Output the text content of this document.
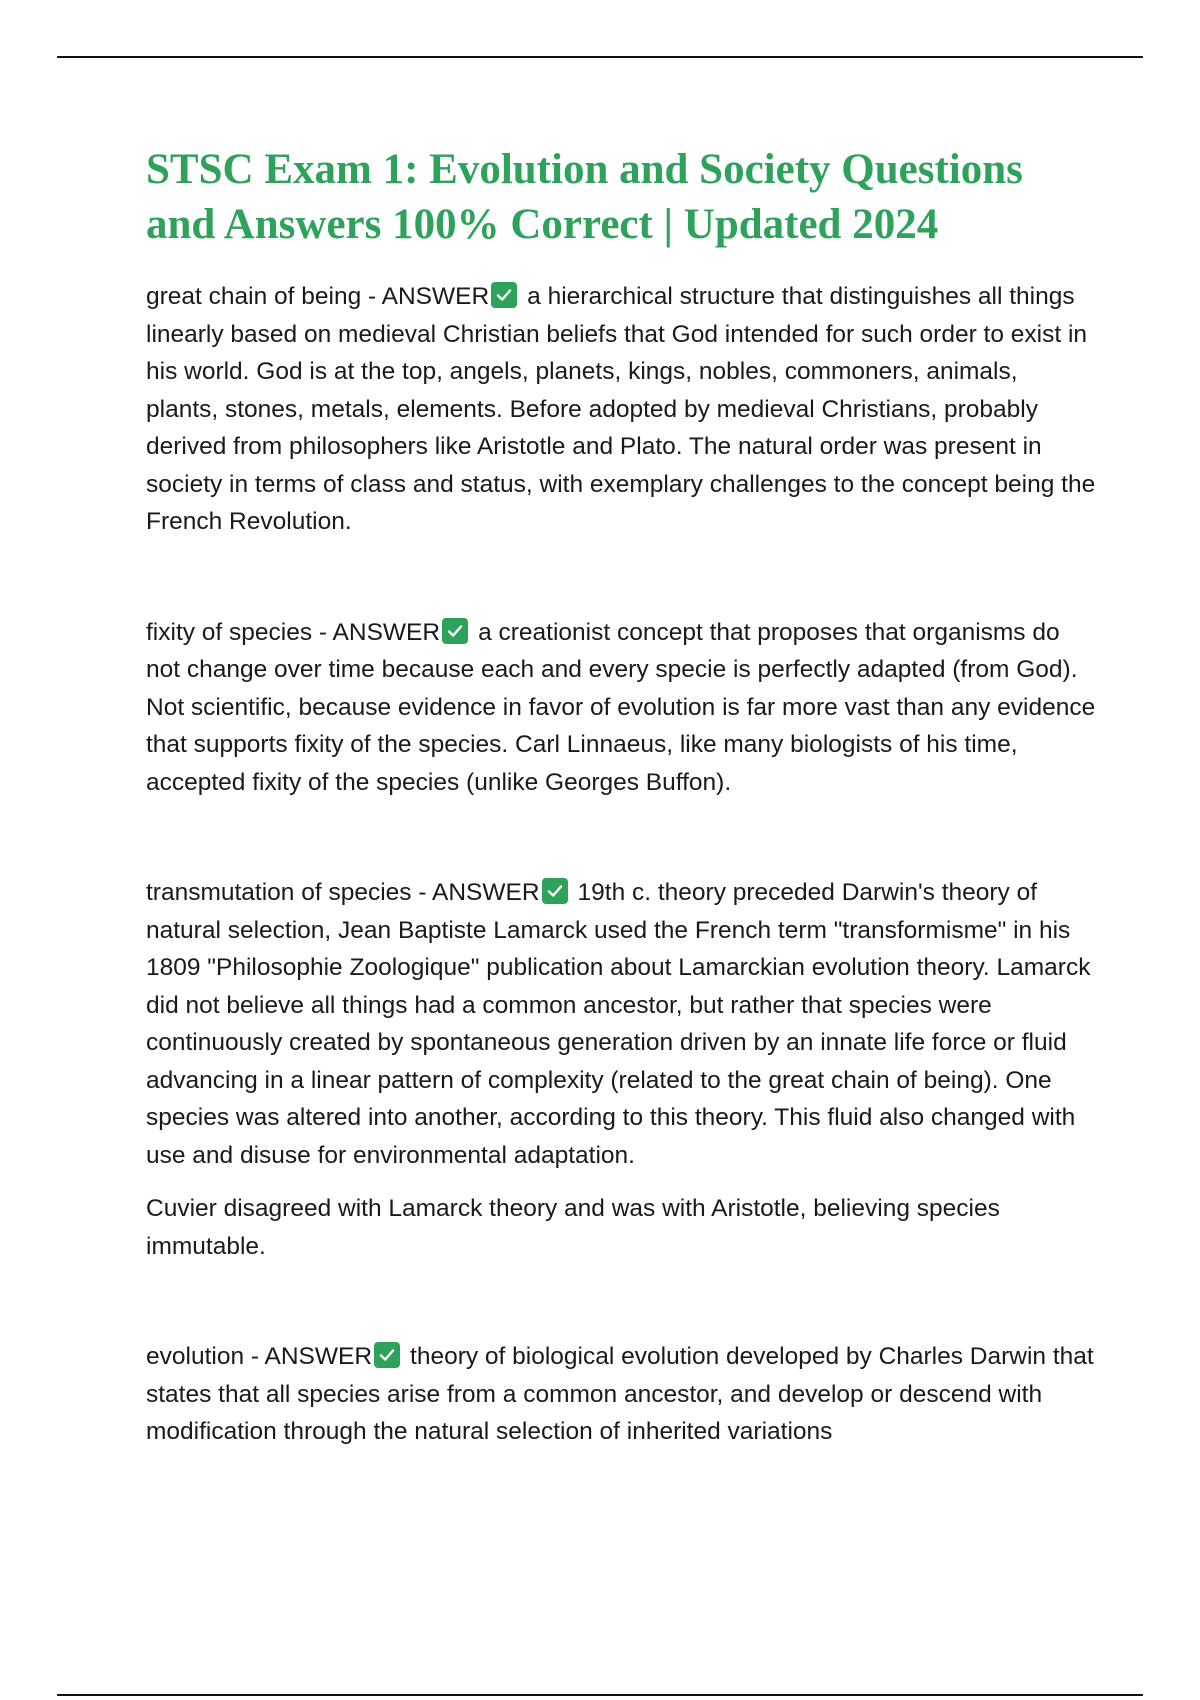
STSC Exam 1: Evolution and Society Questions and Answers 100% Correct | Updated 2024

great chain of being - ANSWER a hierarchical structure that distinguishes all things linearly based on medieval Christian beliefs that God intended for such order to exist in his world. God is at the top, angels, planets, kings, nobles, commoners, animals, plants, stones, metals, elements. Before adopted by medieval Christians, probably derived from philosophers like Aristotle and Plato. The natural order was present in society in terms of class and status, with exemplary challenges to the concept being the French Revolution.

fixity of species - ANSWER a creationist concept that proposes that organisms do not change over time because each and every specie is perfectly adapted (from God). Not scientific, because evidence in favor of evolution is far more vast than any evidence that supports fixity of the species. Carl Linnaeus, like many biologists of his time, accepted fixity of the species (unlike Georges Buffon).

transmutation of species - ANSWER 19th c. theory preceded Darwin's theory of natural selection, Jean Baptiste Lamarck used the French term "transformisme" in his 1809 "Philosophie Zoologique" publication about Lamarckian evolution theory. Lamarck did not believe all things had a common ancestor, but rather that species were continuously created by spontaneous generation driven by an innate life force or fluid advancing in a linear pattern of complexity (related to the great chain of being). One species was altered into another, according to this theory. This fluid also changed with use and disuse for environmental adaptation.

Cuvier disagreed with Lamarck theory and was with Aristotle, believing species immutable.

evolution - ANSWER theory of biological evolution developed by Charles Darwin that states that all species arise from a common ancestor, and develop or descend with modification through the natural selection of inherited variations
